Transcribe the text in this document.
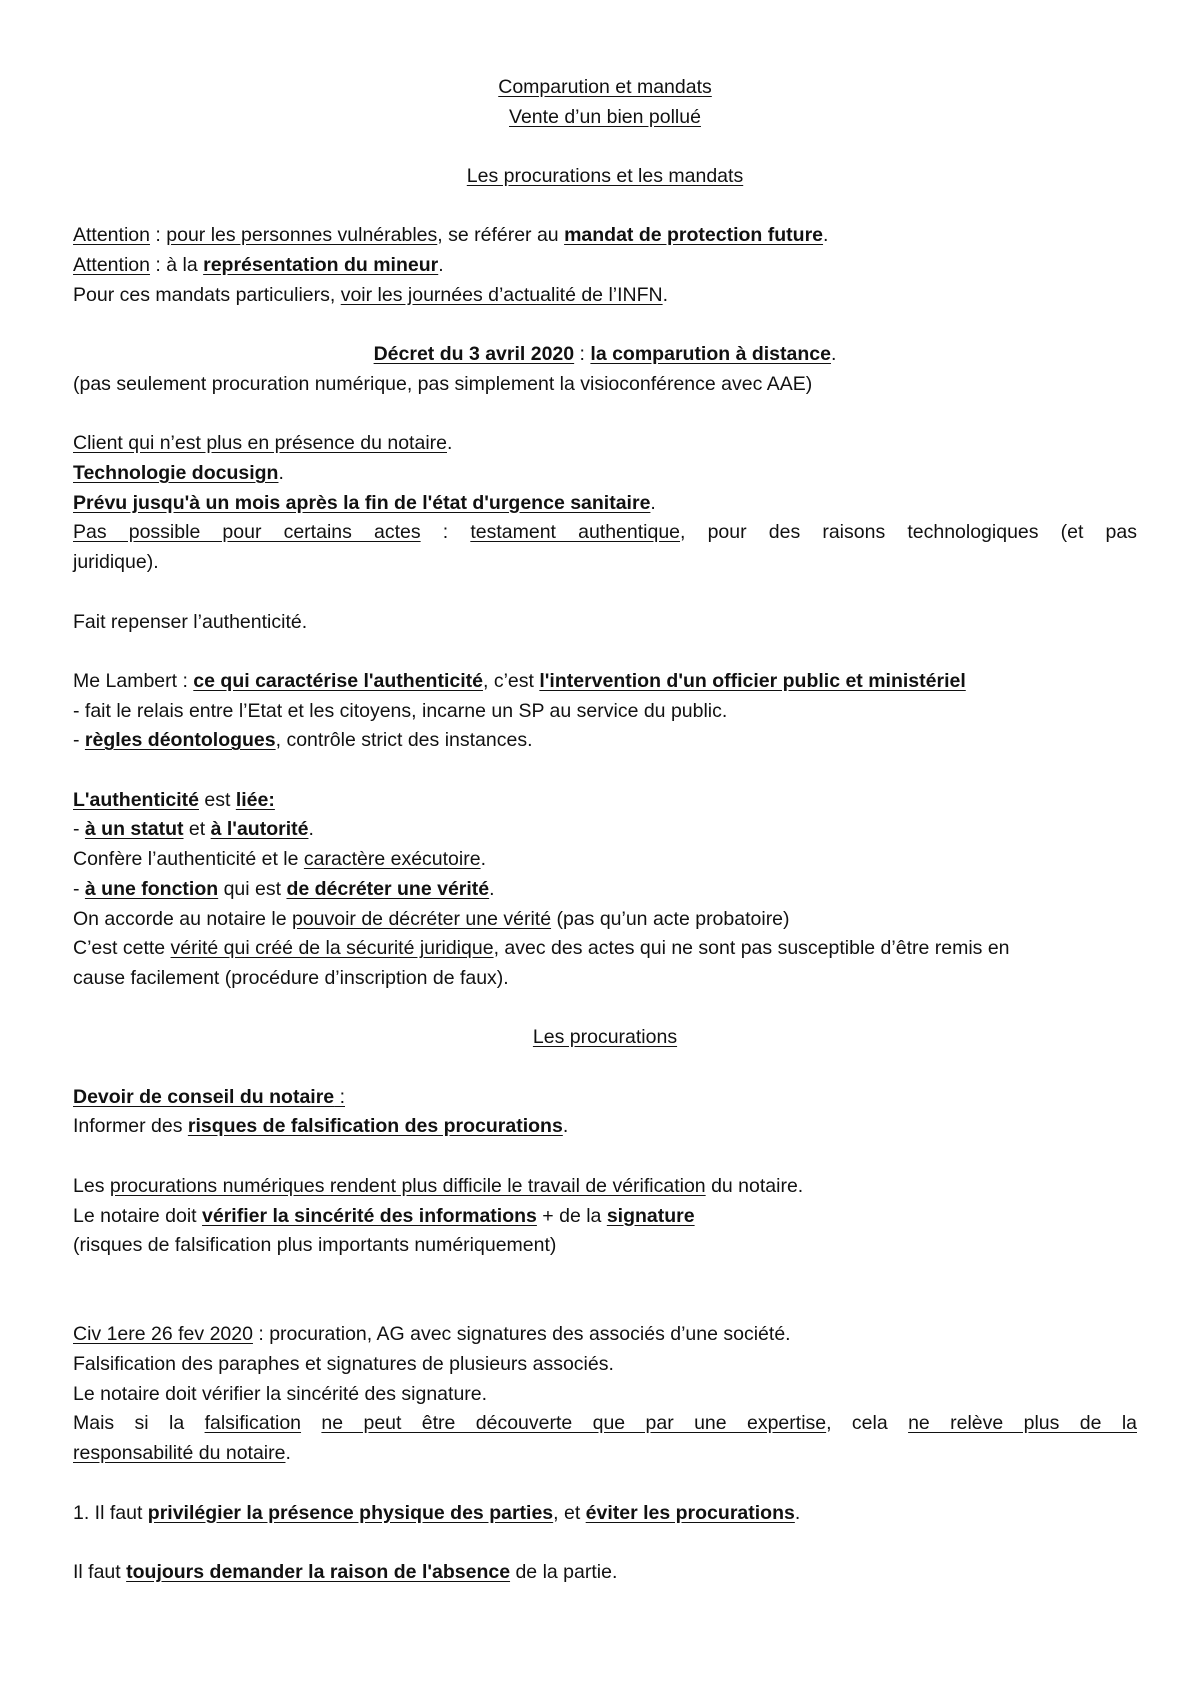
Comparution et mandats
Vente d’un bien pollué
Les procurations et les mandats
Attention : pour les personnes vulnérables, se référer au mandat de protection future.
Attention : à la représentation du mineur.
Pour ces mandats particuliers, voir les journées d’actualité de l’INFN.
Décret du 3 avril 2020 : la comparution à distance.
(pas seulement procuration numérique, pas simplement la visioconférence avec AAE)
Client qui n’est plus en présence du notaire.
Technologie docusign.
Prévu jusqu'à un mois après la fin de l'état d'urgence sanitaire.
Pas possible pour certains actes : testament authentique, pour des raisons technologiques (et pas
juridique).
Fait repenser l’authenticité.
Me Lambert : ce qui caractérise l'authenticité, c’est l'intervention d'un officier public et ministériel
- fait le relais entre l’Etat et les citoyens, incarne un SP au service du public.
- règles déontologues, contrôle strict des instances.
L'authenticité est liée:
- à un statut et à l'autorité.
Confère l’authenticité et le caractère exécutoire.
- à une fonction qui est de décréter une vérité.
On accorde au notaire le pouvoir de décréter une vérité (pas qu’un acte probatoire)
C’est cette vérité qui créé de la sécurité juridique, avec des actes qui ne sont pas susceptible d’être remis en
cause facilement (procédure d’inscription de faux).
Les procurations
Devoir de conseil du notaire :
Informer des risques de falsification des procurations.
Les procurations numériques rendent plus difficile le travail de vérification du notaire.
Le notaire doit vérifier la sincérité des informations + de la signature
(risques de falsification plus importants numériquement)
Civ 1ere 26 fev 2020 : procuration, AG avec signatures des associés d’une société.
Falsification des paraphes et signatures de plusieurs associés.
Le notaire doit vérifier la sincérité des signature.
Mais si la falsification ne peut être découverte que par une expertise, cela ne relève plus de la
responsabilité du notaire.
1. Il faut privilégier la présence physique des parties, et éviter les procurations.
Il faut toujours demander la raison de l'absence de la partie.
